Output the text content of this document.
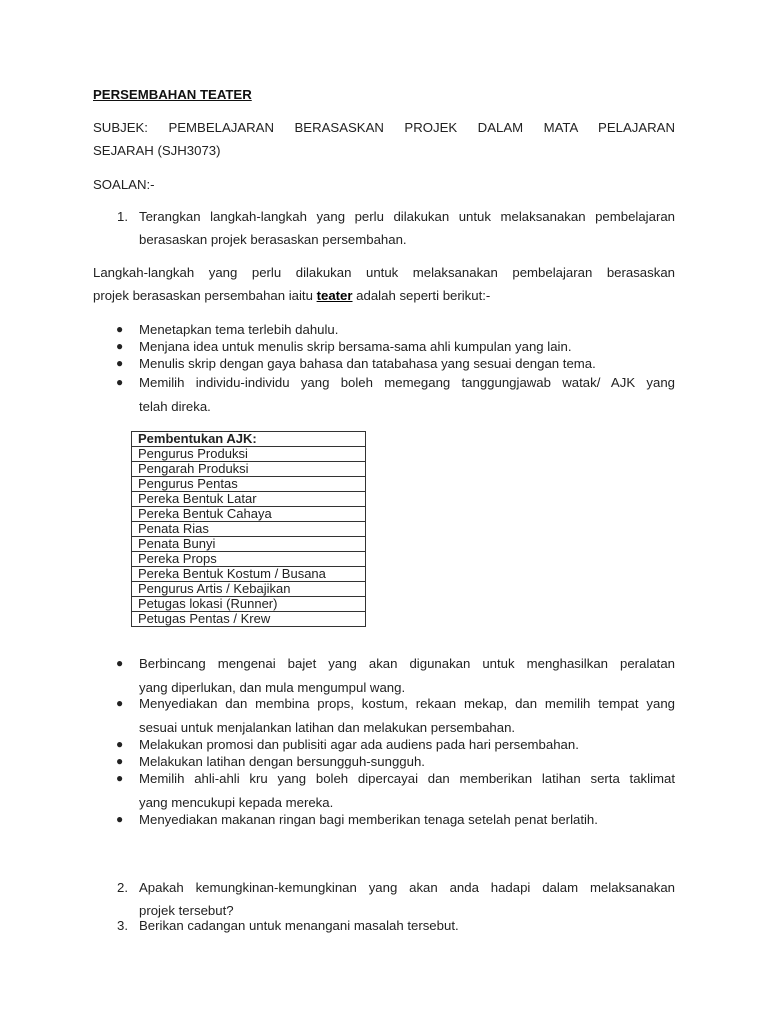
PERSEMBAHAN TEATER
SUBJEK: PEMBELAJARAN BERASASKAN PROJEK DALAM MATA PELAJARAN
SEJARAH (SJH3073)
SOALAN:-
1. Terangkan langkah-langkah yang perlu dilakukan untuk melaksanakan pembelajaran
berasaskan projek berasaskan persembahan.
Langkah-langkah yang perlu dilakukan untuk melaksanakan pembelajaran berasaskan
projek berasaskan persembahan iaitu teater adalah seperti berikut:-
● Menetapkan tema terlebih dahulu.
● Menjana idea untuk menulis skrip bersama-sama ahli kumpulan yang lain.
● Menulis skrip dengan gaya bahasa dan tatabahasa yang sesuai dengan tema.
● Memilih individu-individu yang boleh memegang tanggungjawab watak/ AJK yang
telah direka.
Pembentukan AJK:
Pengurus Produksi
Pengarah Produksi
Pengurus Pentas
Pereka Bentuk Latar
Pereka Bentuk Cahaya
Penata Rias
Penata Bunyi
Pereka Props
Pereka Bentuk Kostum / Busana
Pengurus Artis / Kebajikan
Petugas lokasi (Runner)
Petugas Pentas / Krew
● Berbincang mengenai bajet yang akan digunakan untuk menghasilkan peralatan
yang diperlukan, dan mula mengumpul wang.
● Menyediakan dan membina props, kostum, rekaan mekap, dan memilih tempat yang
sesuai untuk menjalankan latihan dan melakukan persembahan.
● Melakukan promosi dan publisiti agar ada audiens pada hari persembahan.
● Melakukan latihan dengan bersungguh-sungguh.
● Memilih ahli-ahli kru yang boleh dipercayai dan memberikan latihan serta taklimat
yang mencukupi kepada mereka.
● Menyediakan makanan ringan bagi memberikan tenaga setelah penat berlatih.
2. Apakah kemungkinan-kemungkinan yang akan anda hadapi dalam melaksanakan
projek tersebut?
3. Berikan cadangan untuk menangani masalah tersebut.
